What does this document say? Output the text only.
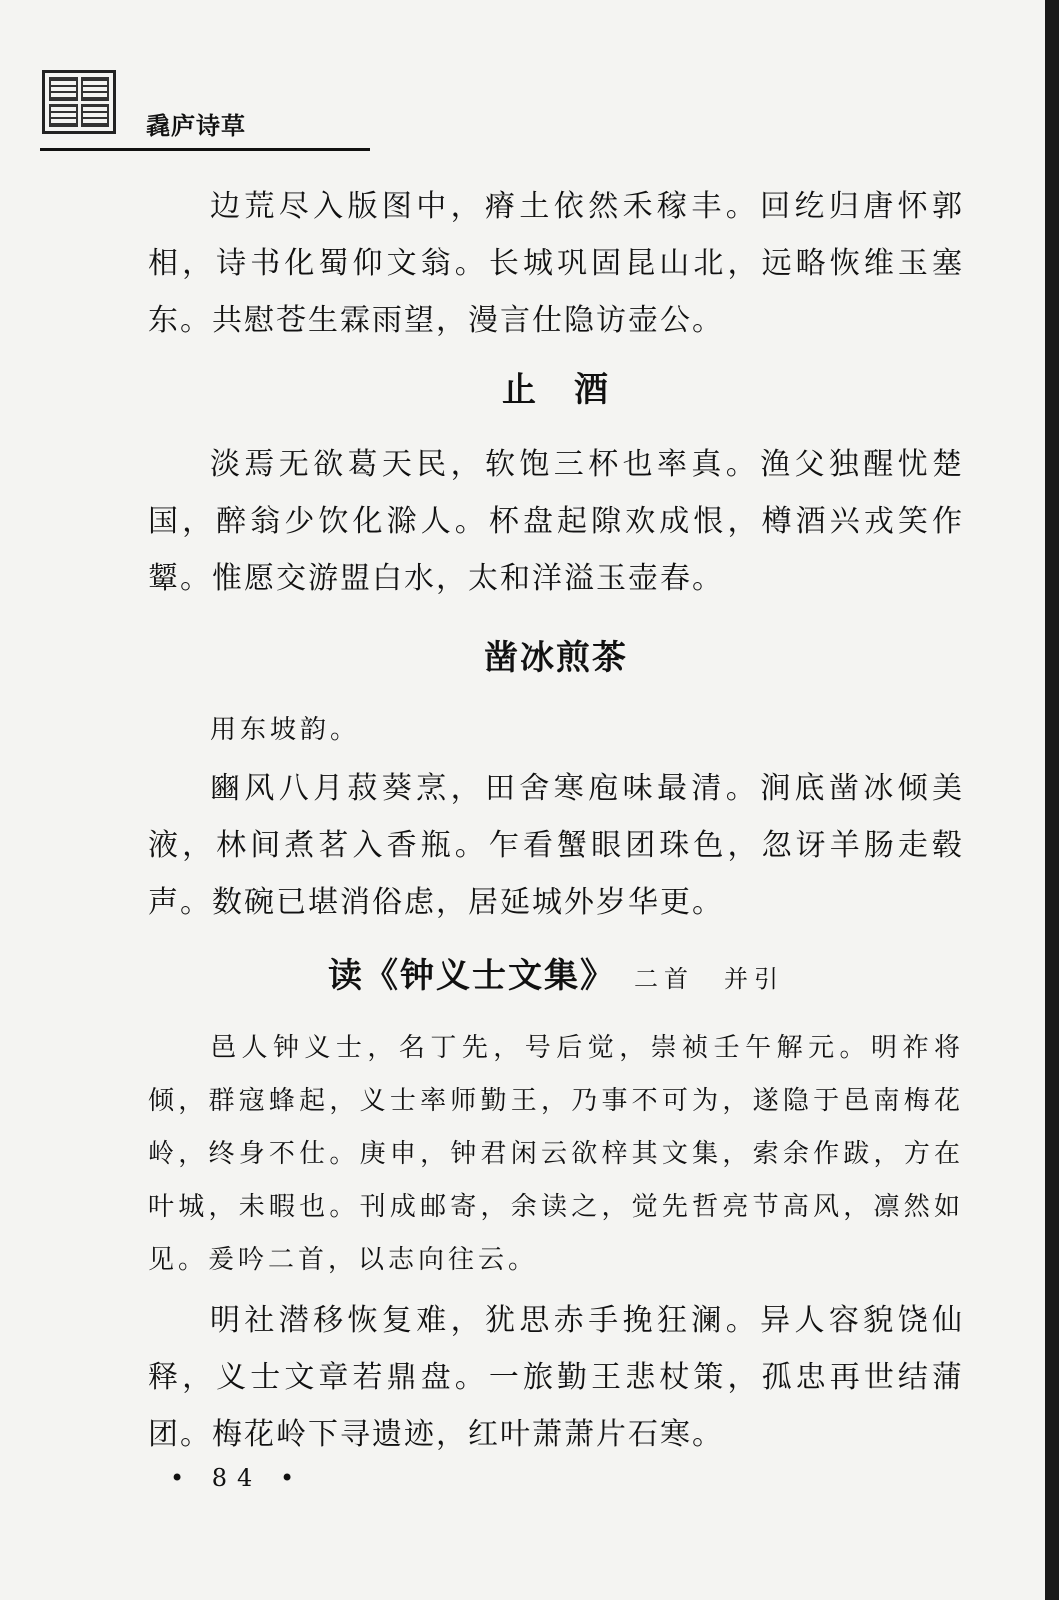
毳庐诗草

边荒尽入版图中，瘠土依然禾稼丰。回纥归唐怀郭相，诗书化蜀仰文翁。长城巩固昆山北，远略恢维玉塞东。共慰苍生霖雨望，漫言仕隐访壶公。

止　酒

淡焉无欲葛天民，软饱三杯也率真。渔父独醒忧楚国，醉翁少饮化滁人。杯盘起隙欢成恨，樽酒兴戎笑作颦。惟愿交游盟白水，太和洋溢玉壶春。

凿冰煎茶

用东坡韵。

豳风八月菽葵烹，田舍寒庖味最清。涧底凿冰倾美液，林间煮茗入香瓶。乍看蟹眼团珠色，忽讶羊肠走毂声。数碗已堪消俗虑，居延城外岁华更。

读《钟义士文集》 二首　并引

邑人钟义士，名丁先，号后觉，崇祯壬午解元。明祚将倾，群寇蜂起，义士率师勤王，乃事不可为，遂隐于邑南梅花岭，终身不仕。庚申，钟君闲云欲梓其文集，索余作跋，方在叶城，未暇也。刊成邮寄，余读之，觉先哲亮节高风，凛然如见。爰吟二首，以志向往云。

明社潜移恢复难，犹思赤手挽狂澜。异人容貌饶仙释，义士文章若鼎盘。一旅勤王悲杖策，孤忠再世结蒲团。梅花岭下寻遗迹，红叶萧萧片石寒。

• 84 •
